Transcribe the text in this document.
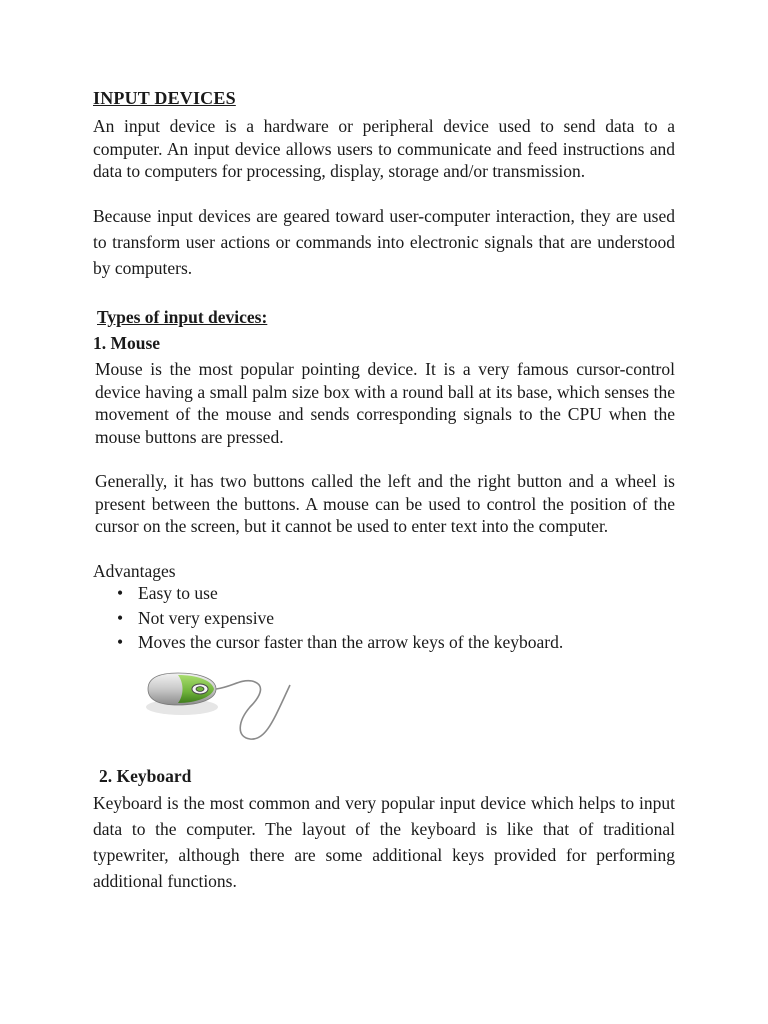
INPUT DEVICES

An input device is a hardware or peripheral device used to send data to a computer. An input device allows users to communicate and feed instructions and data to computers for processing, display, storage and/or transmission.

Because input devices are geared toward user-computer interaction, they are used to transform user actions or commands into electronic signals that are understood by computers.

Types of input devices:
1. Mouse

Mouse is the most popular pointing device. It is a very famous cursor-control device having a small palm size box with a round ball at its base, which senses the movement of the mouse and sends corresponding signals to the CPU when the mouse buttons are pressed.

Generally, it has two buttons called the left and the right button and a wheel is present between the buttons. A mouse can be used to control the position of the cursor on the screen, but it cannot be used to enter text into the computer.

Advantages
• Easy to use
• Not very expensive
• Moves the cursor faster than the arrow keys of the keyboard.
2. Keyboard

Keyboard is the most common and very popular input device which helps to input data to the computer. The layout of the keyboard is like that of traditional typewriter, although there are some additional keys provided for performing additional functions.
